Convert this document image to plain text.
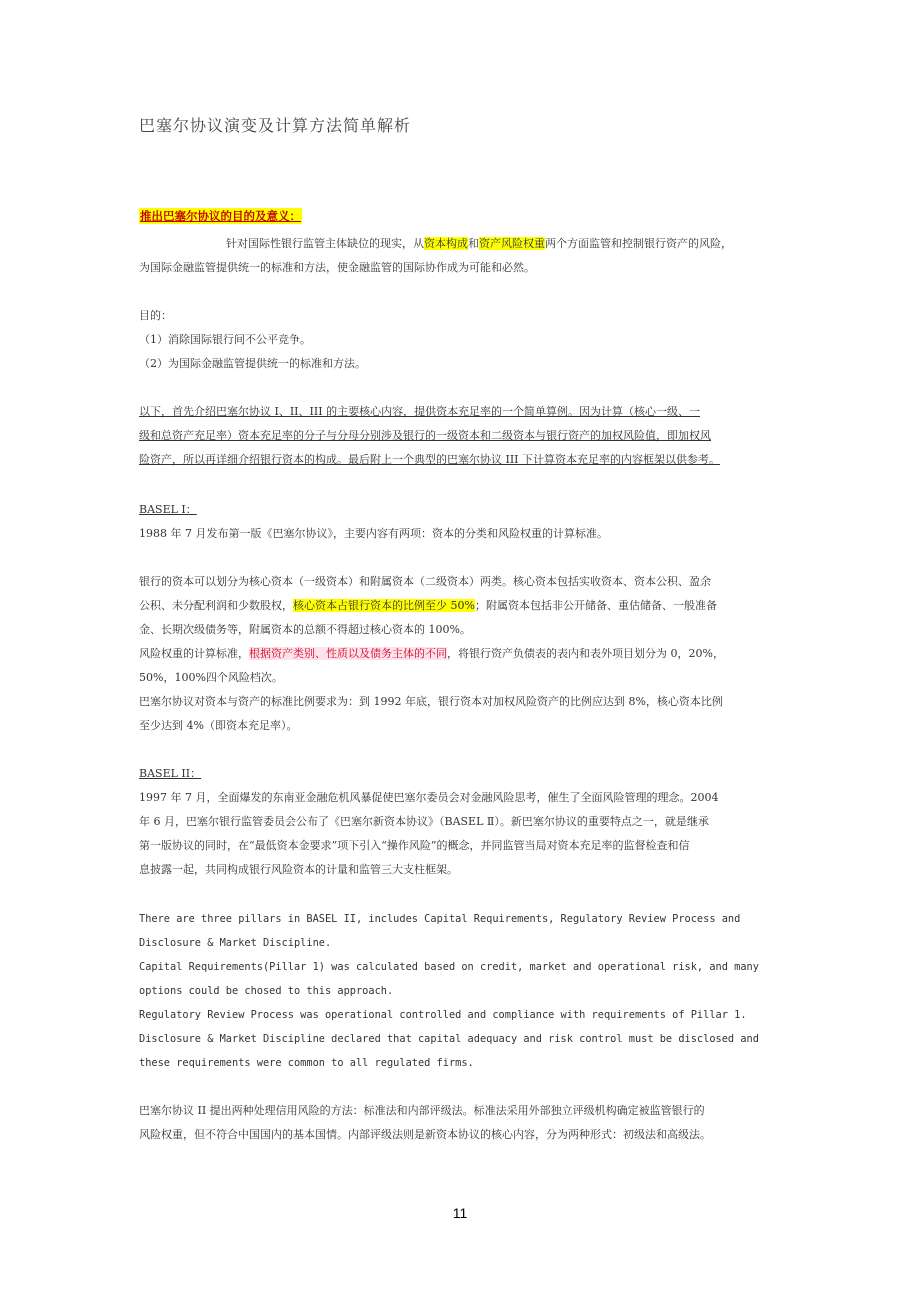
巴塞尔协议演变及计算方法简单解析
推出巴塞尔协议的目的及意义：
针对国际性银行监管主体缺位的现实，从资本构成和资产风险权重两个方面监管和控制银行资产的风险，
为国际金融监管提供统一的标准和方法，使金融监管的国际协作成为可能和必然。
目的：
（1）消除国际银行间不公平竞争。
（2）为国际金融监管提供统一的标准和方法。
以下，首先介绍巴塞尔协议 I、II、III 的主要核心内容，提供资本充足率的一个简单算例。因为计算（核心一级、一
级和总资产充足率）资本充足率的分子与分母分别涉及银行的一级资本和二级资本与银行资产的加权风险值，即加权风
险资产，所以再详细介绍银行资本的构成。最后附上一个典型的巴塞尔协议 III 下计算资本充足率的内容框架以供参考。
BASEL I：
1988 年 7 月发布第一版《巴塞尔协议》，主要内容有两项：资本的分类和风险权重的计算标准。
银行的资本可以划分为核心资本（一级资本）和附属资本（二级资本）两类。核心资本包括实收资本、资本公积、盈余
公积、未分配利润和少数股权，核心资本占银行资本的比例至少 50%；附属资本包括非公开储备、重估储备、一般准备
金、长期次级债务等，附属资本的总额不得超过核心资本的 100%。
风险权重的计算标准，根据资产类别、性质以及债务主体的不同，将银行资产负债表的表内和表外项目划分为 0，20%，
50%，100%四个风险档次。
巴塞尔协议对资本与资产的标准比例要求为：到 1992 年底，银行资本对加权风险资产的比例应达到 8%，核心资本比例
至少达到 4%（即资本充足率）。
BASEL II：
1997 年 7 月，全面爆发的东南亚金融危机风暴促使巴塞尔委员会对金融风险思考，催生了全面风险管理的理念。2004
年 6 月，巴塞尔银行监管委员会公布了《巴塞尔新资本协议》（BASEL Ⅱ）。新巴塞尔协议的重要特点之一，就是继承
第一版协议的同时，在“最低资本金要求”项下引入“操作风险”的概念，并同监管当局对资本充足率的监督检查和信
息披露一起，共同构成银行风险资本的计量和监管三大支柱框架。
There are three pillars in BASEL II, includes Capital Requirements, Regulatory Review Process and
Disclosure & Market Discipline.
Capital Requirements(Pillar 1) was calculated based on credit, market and operational risk, and many
options could be chosed to this approach.
Regulatory Review Process was operational controlled and compliance with requirements of Pillar 1.
Disclosure & Market Discipline declared that capital adequacy and risk control must be disclosed and
these requirements were common to all regulated firms.
巴塞尔协议 II 提出两种处理信用风险的方法：标准法和内部评级法。标准法采用外部独立评级机构确定被监管银行的
风险权重，但不符合中国国内的基本国情。内部评级法则是新资本协议的核心内容，分为两种形式：初级法和高级法。
11
